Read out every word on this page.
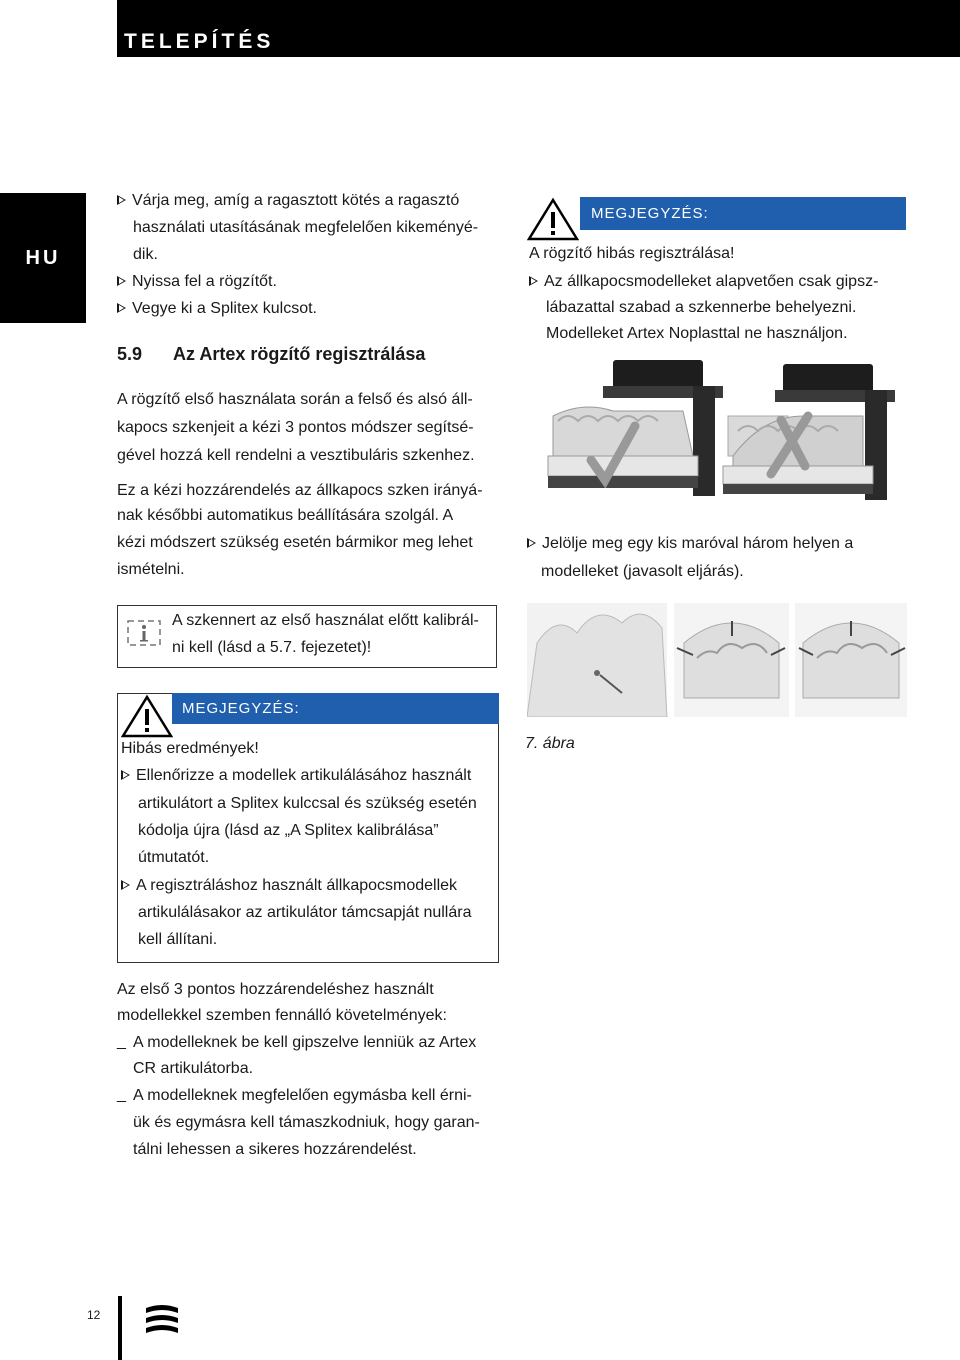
TELEPÍTÉS
HU
Várja meg, amíg a ragasztott kötés a ragasztó
használati utasításának megfelelően kikeményé-
dik.
Nyissa fel a rögzítőt.
Vegye ki a Splitex kulcsot.
5.9 Az Artex rögzítő regisztrálása
A rögzítő első használata során a felső és alsó áll-
kapocs szkenjeit a kézi 3 pontos módszer segítsé-
gével hozzá kell rendelni a vesztibuláris szkenhez.
Ez a kézi hozzárendelés az állkapocs szken irányá-
nak későbbi automatikus beállítására szolgál. A
kézi módszert szükség esetén bármikor meg lehet
ismételni.
A szkennert az első használat előtt kalibrál-
ni kell (lásd a 5.7. fejezetet)!
MEGJEGYZÉS:
Hibás eredmények!
Ellenőrizze a modellek artikulálásához használt
artikulátort a Splitex kulccsal és szükség esetén
kódolja újra (lásd az „A Splitex kalibrálása”
útmutatót.
A regisztráláshoz használt állkapocsmodellek
artikulálásakor az artikulátor támcsapját nullára
kell állítani.
Az első 3 pontos hozzárendeléshez használt
modellekkel szemben fennálló követelmények:
_ A modelleknek be kell gipszelve lenniük az Artex
CR artikulátorba.
_ A modelleknek megfelelően egymásba kell érni-
ük és egymásra kell támaszkodniuk, hogy garan-
tálni lehessen a sikeres hozzárendelést.
MEGJEGYZÉS:
A rögzítő hibás regisztrálása!
Az állkapocsmodelleket alapvetően csak gipsz-
lábazattal szabad a szkennerbe behelyezni.
Modelleket Artex Noplasttal ne használjon.
Jelölje meg egy kis maróval három helyen a
modelleket (javasolt eljárás).
7. ábra
12
